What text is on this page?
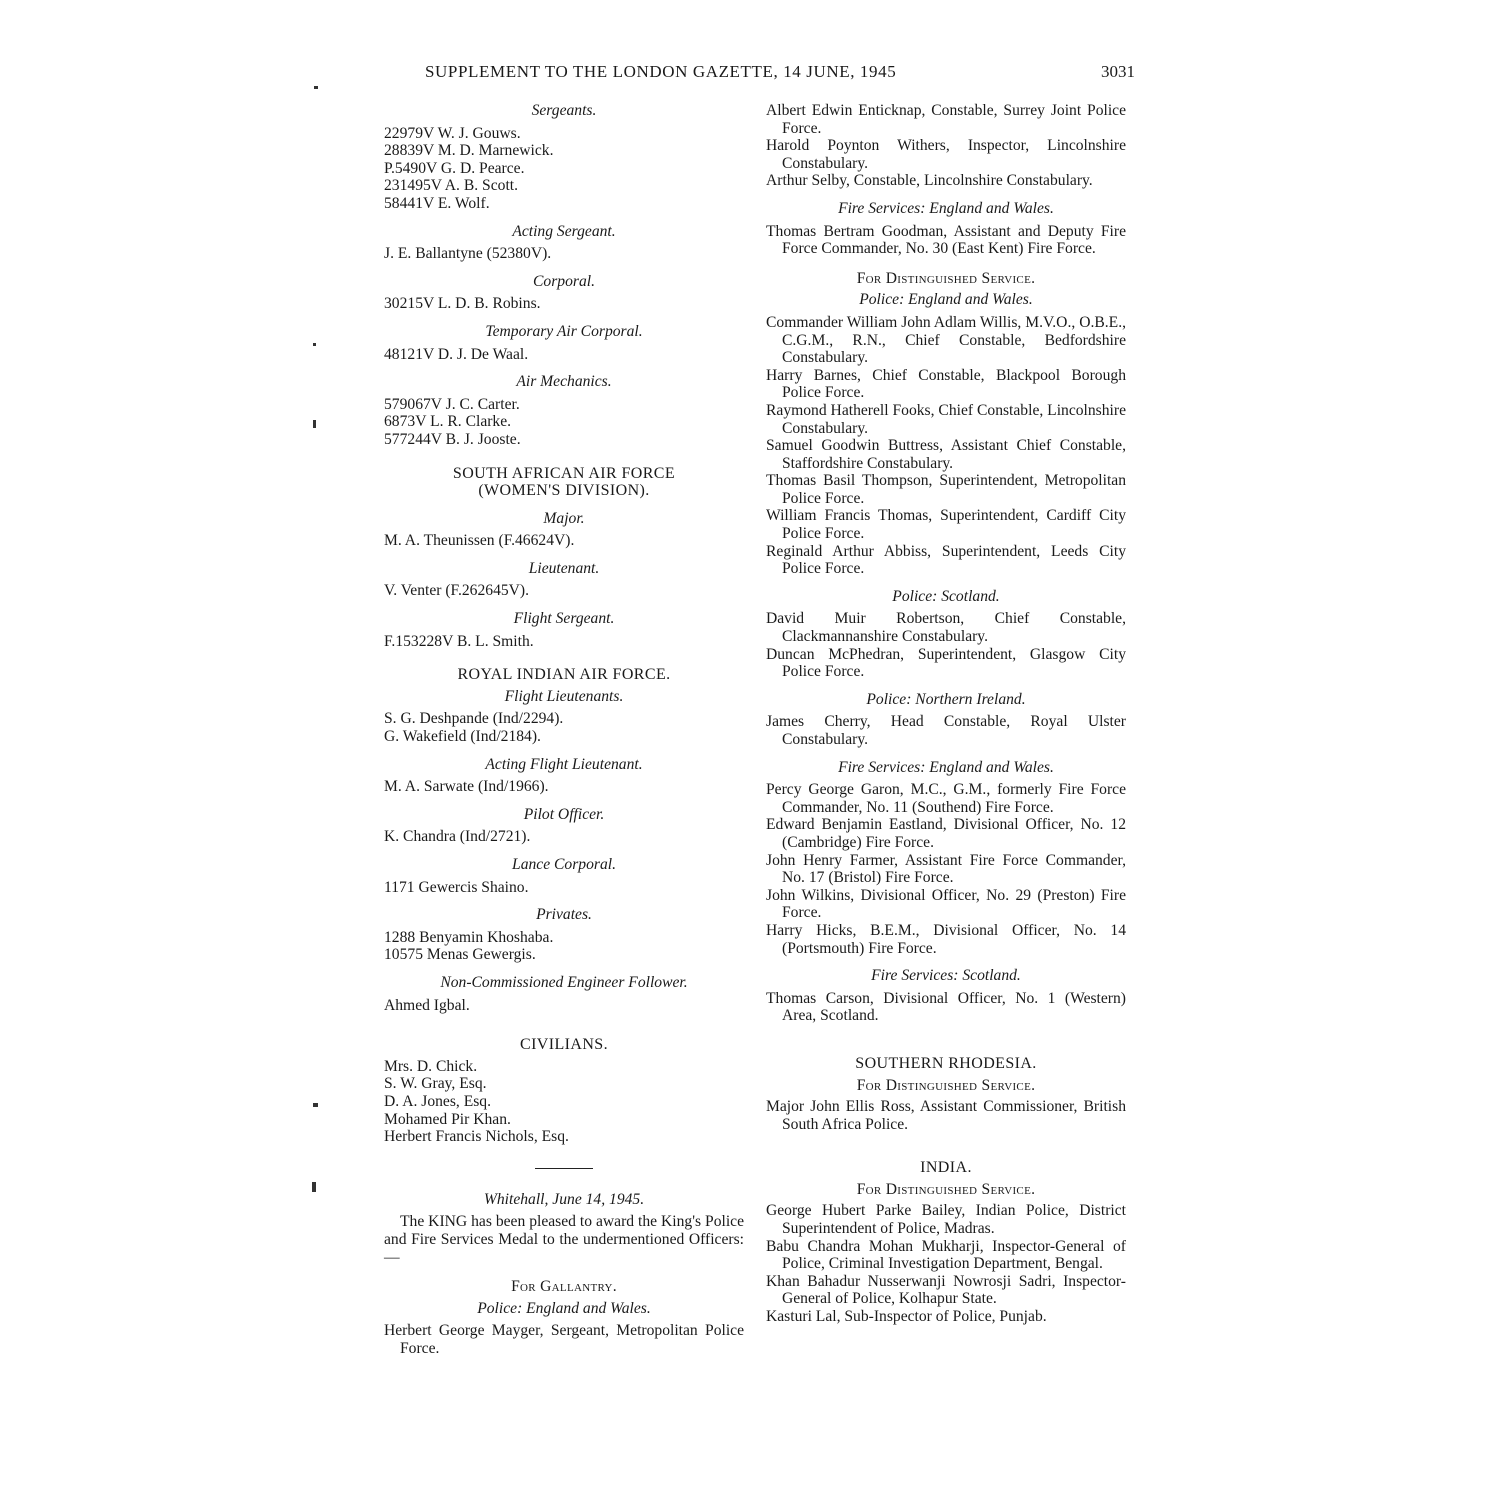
SUPPLEMENT TO THE LONDON GAZETTE, 14 JUNE, 1945	3031
Sergeants.
22979V W. J. Gouws.
28839V M. D. Marnewick.
P.5490V G. D. Pearce.
231495V A. B. Scott.
58441V E. Wolf.
Acting Sergeant.
J. E. Ballantyne (52380V).
Corporal.
30215V L. D. B. Robins.
Temporary Air Corporal.
48121V D. J. De Waal.
Air Mechanics.
579067V J. C. Carter.
6873V L. R. Clarke.
577244V B. J. Jooste.
SOUTH AFRICAN AIR FORCE
(WOMEN'S DIVISION).
Major.
M. A. Theunissen (F.46624V).
Lieutenant.
V. Venter (F.262645V).
Flight Sergeant.
F.153228V B. L. Smith.
ROYAL INDIAN AIR FORCE.
Flight Lieutenants.
S. G. Deshpande (Ind/2294).
G. Wakefield (Ind/2184).
Acting Flight Lieutenant.
M. A. Sarwate (Ind/1966).
Pilot Officer.
K. Chandra (Ind/2721).
Lance Corporal.
1171 Gewercis Shaino.
Privates.
1288 Benyamin Khoshaba.
10575 Menas Gewergis.
Non-Commissioned Engineer Follower.
Ahmed Igbal.
CIVILIANS.
Mrs. D. Chick.
S. W. Gray, Esq.
D. A. Jones, Esq.
Mohamed Pir Khan.
Herbert Francis Nichols, Esq.
Whitehall, June 14, 1945.

The KING has been pleased to award the King's Police and Fire Services Medal to the undermentioned Officers:—

For Gallantry.
Police: England and Wales.

Herbert George Mayger, Sergeant, Metropolitan Police Force.

Albert Edwin Enticknap, Constable, Surrey Joint Police Force.

Harold Poynton Withers, Inspector, Lincolnshire Constabulary.

Arthur Selby, Constable, Lincolnshire Constabulary.

Fire Services: England and Wales.

Thomas Bertram Goodman, Assistant and Deputy Fire Force Commander, No. 30 (East Kent) Fire Force.

For Distinguished Service.
Police: England and Wales.

Commander William John Adlam Willis, M.V.O., O.B.E., C.G.M., R.N., Chief Constable, Bedfordshire Constabulary.

Harry Barnes, Chief Constable, Blackpool Borough Police Force.

Raymond Hatherell Fooks, Chief Constable, Lincolnshire Constabulary.

Samuel Goodwin Buttress, Assistant Chief Constable, Staffordshire Constabulary.

Thomas Basil Thompson, Superintendent, Metropolitan Police Force.

William Francis Thomas, Superintendent, Cardiff City Police Force.

Reginald Arthur Abbiss, Superintendent, Leeds City Police Force.

Police: Scotland.

David Muir Robertson, Chief Constable, Clackmannanshire Constabulary.

Duncan McPhedran, Superintendent, Glasgow City Police Force.

Police: Northern Ireland.

James Cherry, Head Constable, Royal Ulster Constabulary.

Fire Services: England and Wales.

Percy George Garon, M.C., G.M., formerly Fire Force Commander, No. 11 (Southend) Fire Force.

Edward Benjamin Eastland, Divisional Officer, No. 12 (Cambridge) Fire Force.

John Henry Farmer, Assistant Fire Force Commander, No. 17 (Bristol) Fire Force.

John Wilkins, Divisional Officer, No. 29 (Preston) Fire Force.

Harry Hicks, B.E.M., Divisional Officer, No. 14 (Portsmouth) Fire Force.

Fire Services: Scotland.

Thomas Carson, Divisional Officer, No. 1 (Western) Area, Scotland.

SOUTHERN RHODESIA.
For Distinguished Service.

Major John Ellis Ross, Assistant Commissioner, British South Africa Police.

INDIA.
For Distinguished Service.

George Hubert Parke Bailey, Indian Police, District Superintendent of Police, Madras.

Babu Chandra Mohan Mukharji, Inspector-General of Police, Criminal Investigation Department, Bengal.

Khan Bahadur Nusserwanji Nowrosji Sadri, Inspector-General of Police, Kolhapur State.

Kasturi Lal, Sub-Inspector of Police, Punjab.
